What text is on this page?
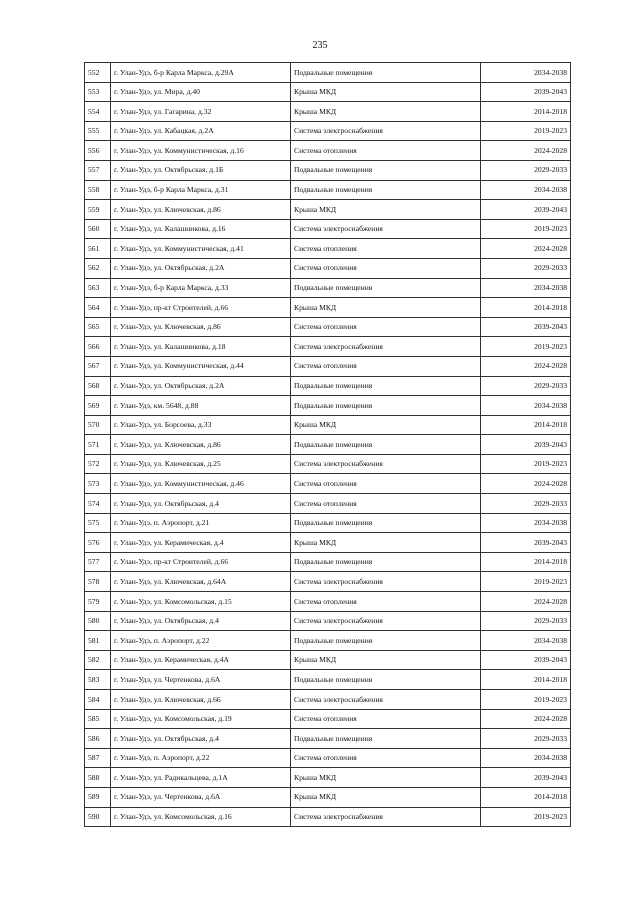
235
552	г. Улан-Удэ, б-р Карла Маркса, д.29А	Подвальные помещения	2034-2038
553	г. Улан-Удэ, ул. Мира, д.40	Крыша МКД	2039-2043
554	г. Улан-Удэ, ул. Гагарина, д.32	Крыша МКД	2014-2018
555	г. Улан-Удэ, ул. Кабацкая, д.2А	Система электроснабжения	2019-2023
556	г. Улан-Удэ, ул. Коммунистическая, д.16	Система отопления	2024-2028
557	г. Улан-Удэ, ул. Октябрьская, д.1Б	Подвальные помещения	2029-2033
558	г. Улан-Удэ, б-р Карла Маркса, д.31	Подвальные помещения	2034-2038
559	г. Улан-Удэ, ул. Ключевская, д.86	Крыша МКД	2039-2043
560	г. Улан-Удэ, ул. Калашникова, д.16	Система электроснабжения	2019-2023
561	г. Улан-Удэ, ул. Коммунистическая, д.41	Система отопления	2024-2028
562	г. Улан-Удэ, ул. Октябрьская, д.2А	Система отопления	2029-2033
563	г. Улан-Удэ, б-р Карла Маркса, д.33	Подвальные помещения	2034-2038
564	г. Улан-Удэ, пр-кт Строителей, д.66	Крыша МКД	2014-2018
565	г. Улан-Удэ, ул. Ключевская, д.86	Система отопления	2039-2043
566	г. Улан-Удэ, ул. Калашникова, д.18	Система электроснабжения	2019-2023
567	г. Улан-Удэ, ул. Коммунистическая, д.44	Система отопления	2024-2028
568	г. Улан-Удэ, ул. Октябрьская, д.2А	Подвальные помещения	2029-2033
569	г. Улан-Удэ, км. 5648, д.88	Подвальные помещения	2034-2038
570	г. Улан-Удэ, ул. Борсоева, д.33	Крыша МКД	2014-2018
571	г. Улан-Удэ, ул. Ключевская, д.86	Подвальные помещения	2039-2043
572	г. Улан-Удэ, ул. Ключевская, д.25	Система электроснабжения	2019-2023
573	г. Улан-Удэ, ул. Коммунистическая, д.46	Система отопления	2024-2028
574	г. Улан-Удэ, ул. Октябрьская, д.4	Система отопления	2029-2033
575	г. Улан-Удэ, п. Аэропорт, д.21	Подвальные помещения	2034-2038
576	г. Улан-Удэ, ул. Керамическая, д.4	Крыша МКД	2039-2043
577	г. Улан-Удэ, пр-кт Строителей, д.66	Подвальные помещения	2014-2018
578	г. Улан-Удэ, ул. Ключевская, д.64А	Система электроснабжения	2019-2023
579	г. Улан-Удэ, ул. Комсомольская, д.15	Система отопления	2024-2028
580	г. Улан-Удэ, ул. Октябрьская, д.4	Система электроснабжения	2029-2033
581	г. Улан-Удэ, п. Аэропорт, д.22	Подвальные помещения	2034-2038
582	г. Улан-Удэ, ул. Керамическая, д.4А	Крыша МКД	2039-2043
583	г. Улан-Удэ, ул. Чертенкова, д.6А	Подвальные помещения	2014-2018
584	г. Улан-Удэ, ул. Ключевская, д.66	Система электроснабжения	2019-2023
585	г. Улан-Удэ, ул. Комсомольская, д.19	Система отопления	2024-2028
586	г. Улан-Удэ, ул. Октябрьская, д.4	Подвальные помещения	2029-2033
587	г. Улан-Удэ, п. Аэропорт, д.22	Система отопления	2034-2038
588	г. Улан-Удэ, ул. Радикальцева, д.1А	Крыша МКД	2039-2043
589	г. Улан-Удэ, ул. Чертенкова, д.6А	Крыша МКД	2014-2018
590	г. Улан-Удэ, ул. Комсомольская, д.16	Система электроснабжения	2019-2023
